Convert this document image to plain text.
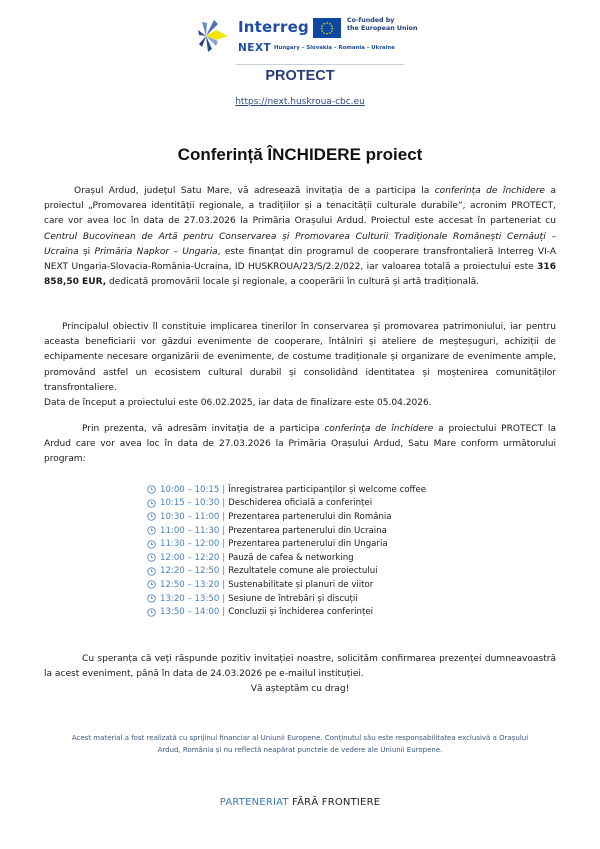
Interreg	Co-funded by
the European Union
NEXT Hungary – Slovakia – Romania – Ukraine
PROTECT
https://next.huskroua-cbc.eu
Conferință ÎNCHIDERE proiect
Orașul Ardud, județul Satu Mare, vă adresează invitația de a participa la conferința de închidere a proiectul „Promovarea identității regionale, a tradițiilor și a tenacității culturale durabile”, acronim PROTECT, care vor avea loc în data de 27.03.2026 la Primăria Orașului Ardud. Proiectul este accesat în parteneriat cu Centrul Bucovinean de Artă pentru Conservarea și Promovarea Culturii Tradiționale Românești Cernăuți – Ucraina și Primăria Napkor – Ungaria, este finanțat din programul de cooperare transfrontalieră Interreg VI-A NEXT Ungaria-Slovacia-România-Ucraina, ID HUSKROUA/23/S/2.2/022, iar valoarea totală a proiectului este 316 858,50 EUR, dedicată promovării locale și regionale, a cooperării în cultură și artă tradițională.
Principalul obiectiv îl constituie implicarea tinerilor în conservarea și promovarea patrimoniului, iar pentru aceasta beneficiarii vor găzdui evenimente de cooperare, întâlniri și ateliere de meșteșuguri, achiziții de echipamente necesare organizării de evenimente, de costume tradiționale și organizare de evenimente ample, promovând astfel un ecosistem cultural durabil și consolidând identitatea și moștenirea comunităților transfrontaliere.
Data de început a proiectului este 06.02.2025, iar data de finalizare este 05.04.2026.
Prin prezenta, vă adresăm invitația de a participa conferința de închidere a proiectului PROTECT la Ardud care vor avea loc în data de 27.03.2026 la Primăria Orașului Ardud, Satu Mare conform următorului program:
10:00 – 10:15 | Înregistrarea participanților și welcome coffee
10:15 – 10:30 | Deschiderea oficială a conferinței
10:30 – 11:00 | Prezentarea partenerului din România
11:00 – 11:30 | Prezentarea partenerului din Ucraina
11:30 – 12:00 | Prezentarea partenerului din Ungaria
12:00 – 12:20 | Pauză de cafea & networking
12:20 – 12:50 | Rezultatele comune ale proiectului
12:50 – 13:20 | Sustenabilitate și planuri de viitor
13:20 – 13:50 | Sesiune de întrebări și discuții
13:50 – 14:00 | Concluzii și închiderea conferinței
Cu speranța că veți răspunde pozitiv invitației noastre, solicităm confirmarea prezenței dumneavoastră la acest eveniment, până în data de 24.03.2026 pe e-mailul instituției.
Vă așteptăm cu drag!
Acest material a fost realizată cu sprijinul financiar al Uniunii Europene. Conținutul său este responsabilitatea exclusivă a Orașului
Ardud, România și nu reflectă neapărat punctele de vedere ale Uniunii Europene.
PARTENERIAT FĂRĂ FRONTIERE
